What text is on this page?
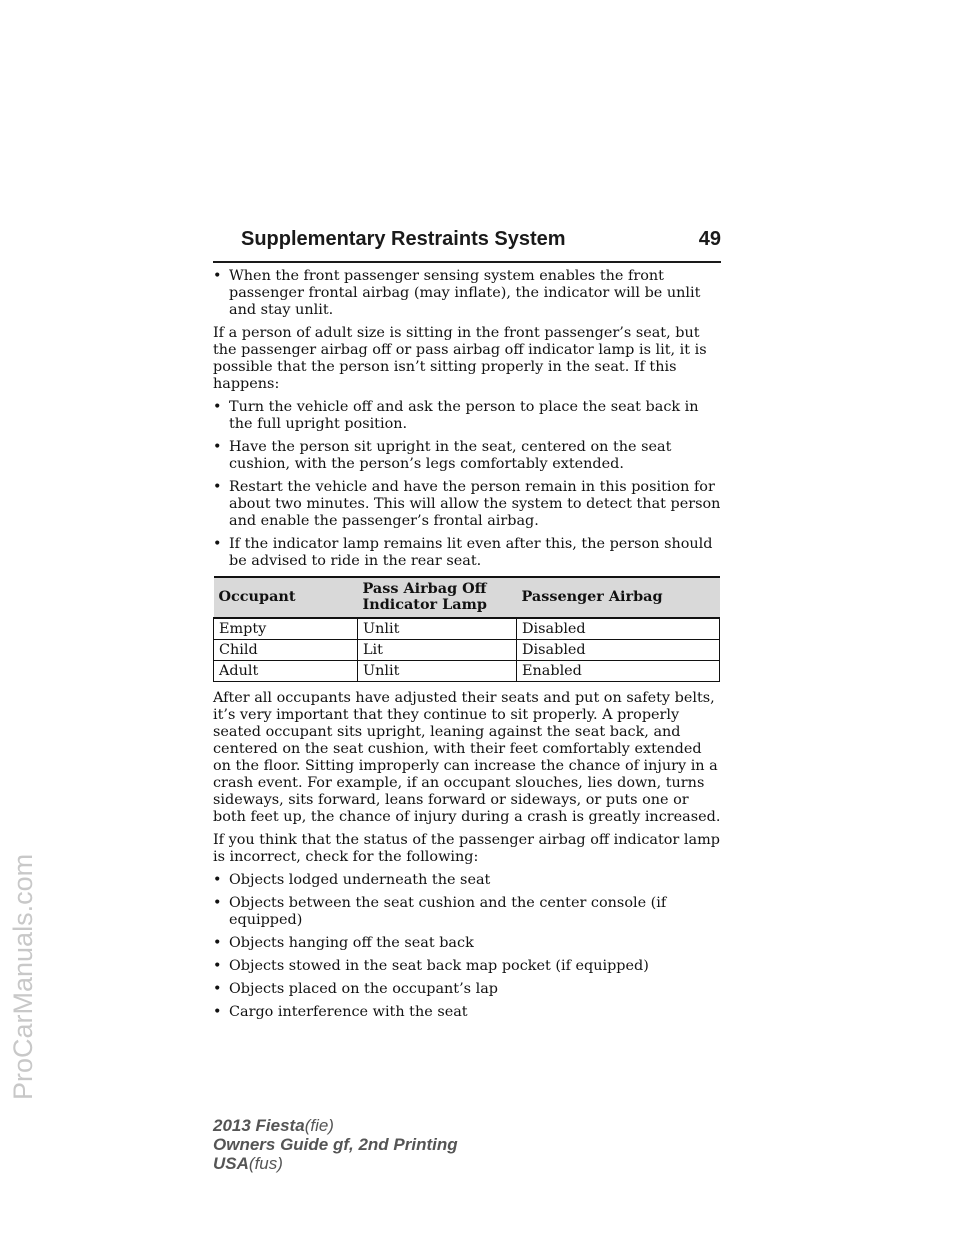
ProCarManuals.com
Supplementary Restraints System	49
• When the front passenger sensing system enables the front passenger frontal airbag (may inflate), the indicator will be unlit and stay unlit.

If a person of adult size is sitting in the front passenger’s seat, but the passenger airbag off or pass airbag off indicator lamp is lit, it is possible that the person isn’t sitting properly in the seat. If this happens:

• Turn the vehicle off and ask the person to place the seat back in the full upright position.
• Have the person sit upright in the seat, centered on the seat cushion, with the person’s legs comfortably extended.
• Restart the vehicle and have the person remain in this position for about two minutes. This will allow the system to detect that person and enable the passenger’s frontal airbag.
• If the indicator lamp remains lit even after this, the person should be advised to ride in the rear seat.
Occupant	Pass Airbag Off Indicator Lamp	Passenger Airbag
Empty	Unlit	Disabled
Child	Lit	Disabled
Adult	Unlit	Enabled

After all occupants have adjusted their seats and put on safety belts, it’s very important that they continue to sit properly. A properly seated occupant sits upright, leaning against the seat back, and centered on the seat cushion, with their feet comfortably extended on the floor. Sitting improperly can increase the chance of injury in a crash event. For example, if an occupant slouches, lies down, turns sideways, sits forward, leans forward or sideways, or puts one or both feet up, the chance of injury during a crash is greatly increased.

If you think that the status of the passenger airbag off indicator lamp is incorrect, check for the following:

• Objects lodged underneath the seat
• Objects between the seat cushion and the center console (if equipped)
• Objects hanging off the seat back
• Objects stowed in the seat back map pocket (if equipped)
• Objects placed on the occupant’s lap
• Cargo interference with the seat
2013 Fiesta(fie)
Owners Guide gf, 2nd Printing
USA(fus)
